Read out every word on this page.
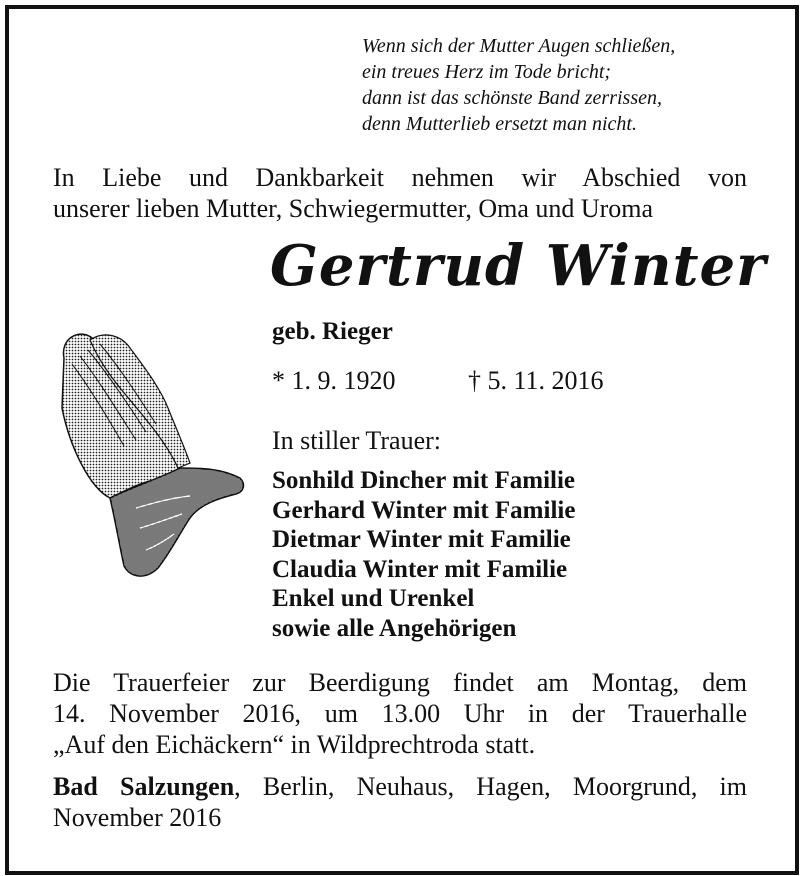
Wenn sich der Mutter Augen schließen,
ein treues Herz im Tode bricht;
dann ist das schönste Band zerrissen,
denn Mutterlieb ersetzt man nicht.
In Liebe und Dankbarkeit nehmen wir Abschied von
unserer lieben Mutter, Schwiegermutter, Oma und Uroma
Gertrud Winter
geb. Rieger
* 1. 9. 1920	† 5. 11. 2016
In stiller Trauer:
Sonhild Dincher mit Familie
Gerhard Winter mit Familie
Dietmar Winter mit Familie
Claudia Winter mit Familie
Enkel und Urenkel
sowie alle Angehörigen
Die Trauerfeier zur Beerdigung findet am Montag, dem
14. November 2016, um 13.00 Uhr in der Trauerhalle
„Auf den Eichäckern“ in Wildprechtroda statt.
Bad Salzungen, Berlin, Neuhaus, Hagen, Moorgrund, im
November 2016
